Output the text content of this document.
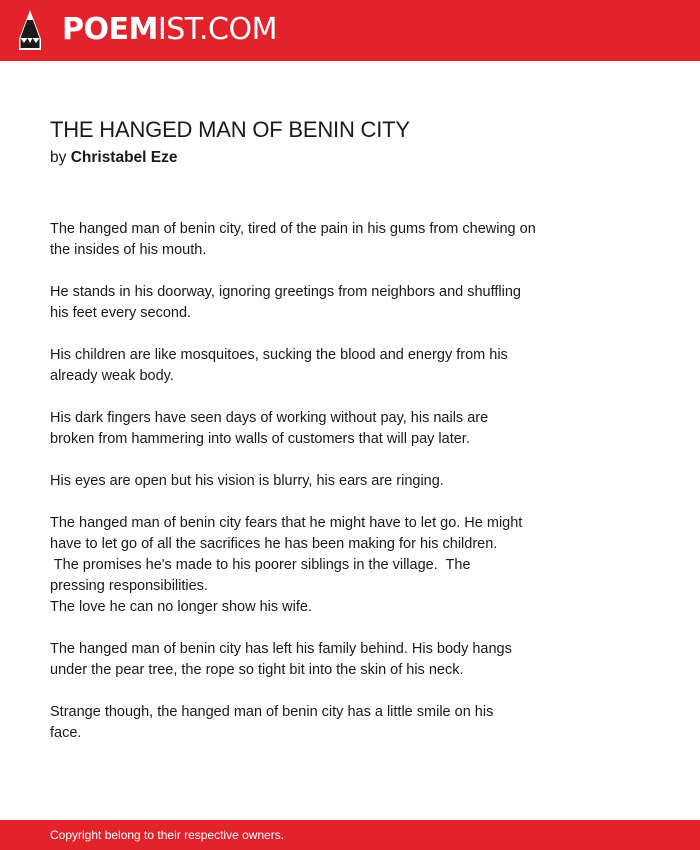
POEMIST.COM
THE HANGED MAN OF BENIN CITY
by Christabel Eze
The hanged man of benin city, tired of the pain in his gums from chewing on
the insides of his mouth.
He stands in his doorway, ignoring greetings from neighbors and shuffling
his feet every second.
His children are like mosquitoes, sucking the blood and energy from his
already weak body.
His dark fingers have seen days of working without pay, his nails are
broken from hammering into walls of customers that will pay later.
His eyes are open but his vision is blurry, his ears are ringing.
The hanged man of benin city fears that he might have to let go. He might
have to let go of all the sacrifices he has been making for his children.
The promises he's made to his poorer siblings in the village.  The
pressing responsibilities.
The love he can no longer show his wife.
The hanged man of benin city has left his family behind. His body hangs
under the pear tree, the rope so tight bit into the skin of his neck.
Strange though, the hanged man of benin city has a little smile on his
face.
Copyright belong to their respective owners.
